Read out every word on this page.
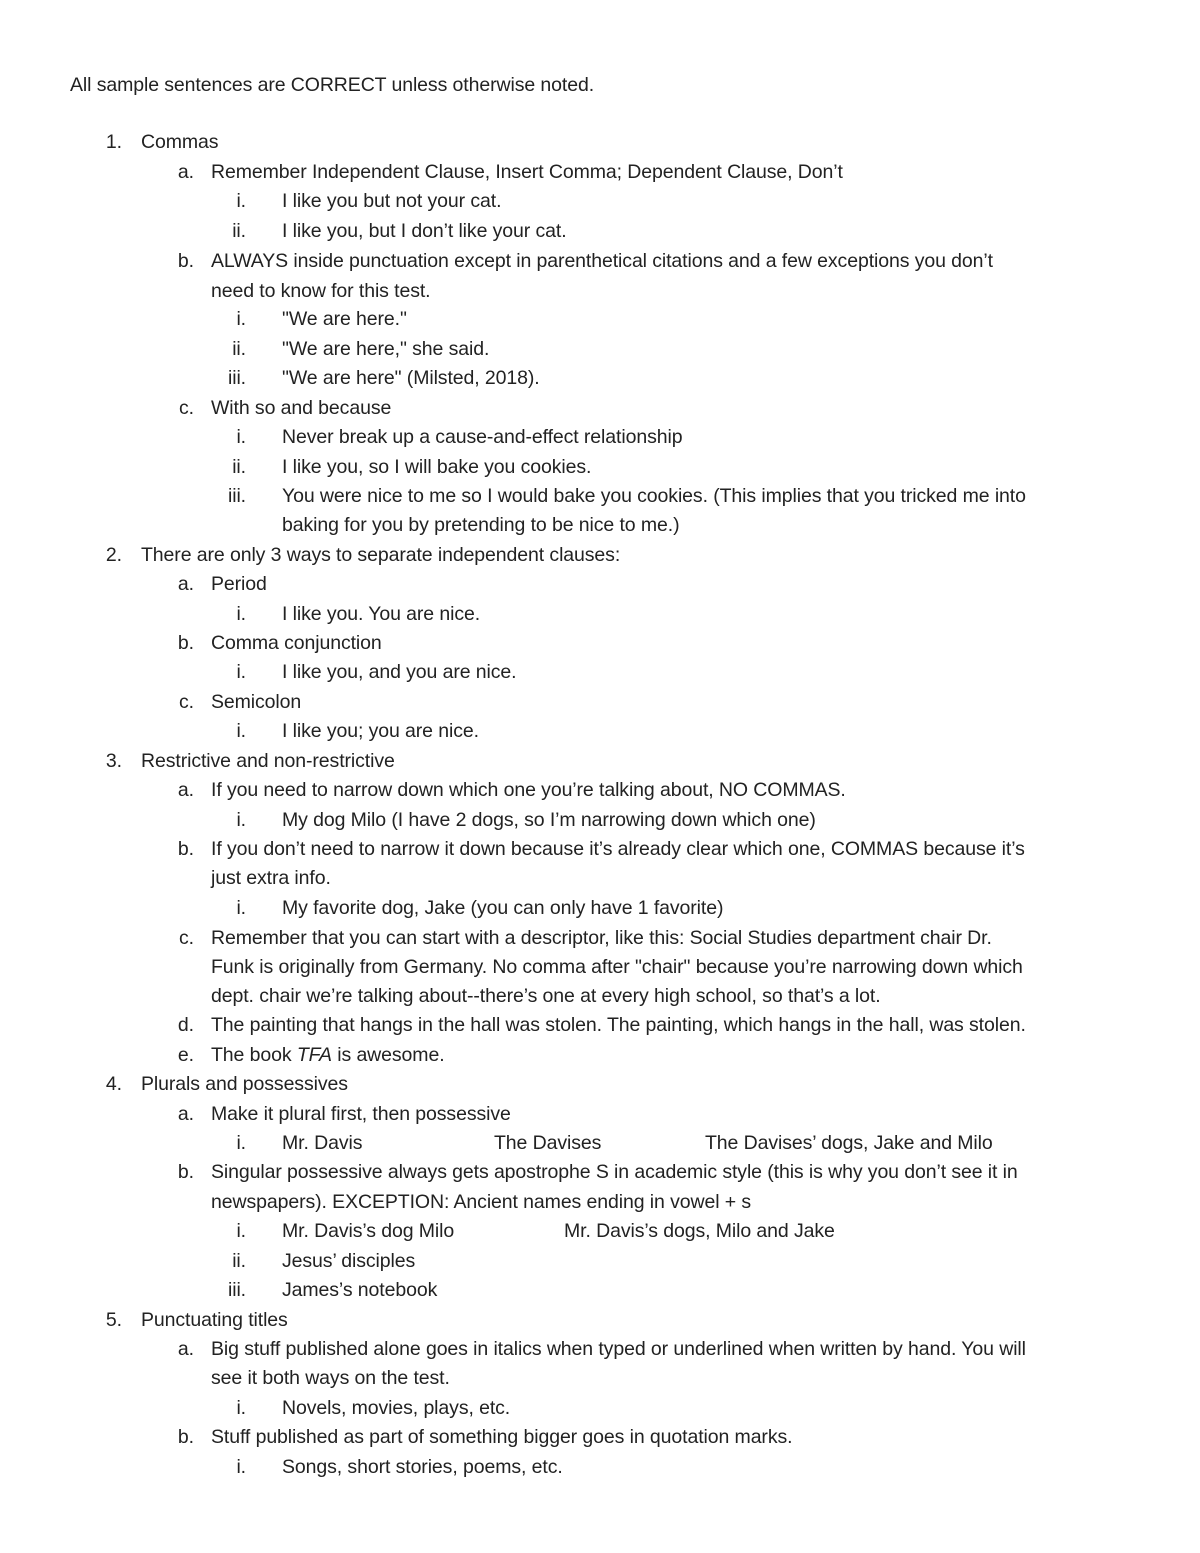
All sample sentences are CORRECT unless otherwise noted.
1. Commas
a. Remember Independent Clause, Insert Comma; Dependent Clause, Don’t
i. I like you but not your cat.
ii. I like you, but I don’t like your cat.
b. ALWAYS inside punctuation except in parenthetical citations and a few exceptions you don’t
need to know for this test.
i. "We are here."
ii. "We are here," she said.
iii. "We are here" (Milsted, 2018).
c. With so and because
i. Never break up a cause-and-effect relationship
ii. I like you, so I will bake you cookies.
iii. You were nice to me so I would bake you cookies. (This implies that you tricked me into
baking for you by pretending to be nice to me.)
2. There are only 3 ways to separate independent clauses:
a. Period
i. I like you. You are nice.
b. Comma conjunction
i. I like you, and you are nice.
c. Semicolon
i. I like you; you are nice.
3. Restrictive and non-restrictive
a. If you need to narrow down which one you’re talking about, NO COMMAS.
i. My dog Milo (I have 2 dogs, so I’m narrowing down which one)
b. If you don’t need to narrow it down because it’s already clear which one, COMMAS because it’s
just extra info.
i. My favorite dog, Jake (you can only have 1 favorite)
c. Remember that you can start with a descriptor, like this: Social Studies department chair Dr.
Funk is originally from Germany. No comma after "chair" because you’re narrowing down which
dept. chair we’re talking about--there’s one at every high school, so that’s a lot.
d. The painting that hangs in the hall was stolen. The painting, which hangs in the hall, was stolen.
e. The book TFA is awesome.
4. Plurals and possessives
a. Make it plural first, then possessive
i. Mr. Davis	The Davises	The Davises’ dogs, Jake and Milo
b. Singular possessive always gets apostrophe S in academic style (this is why you don’t see it in
newspapers). EXCEPTION: Ancient names ending in vowel + s
i. Mr. Davis’s dog Milo	Mr. Davis’s dogs, Milo and Jake
ii. Jesus’ disciples
iii. James’s notebook
5. Punctuating titles
a. Big stuff published alone goes in italics when typed or underlined when written by hand. You will
see it both ways on the test.
i. Novels, movies, plays, etc.
b. Stuff published as part of something bigger goes in quotation marks.
i. Songs, short stories, poems, etc.
